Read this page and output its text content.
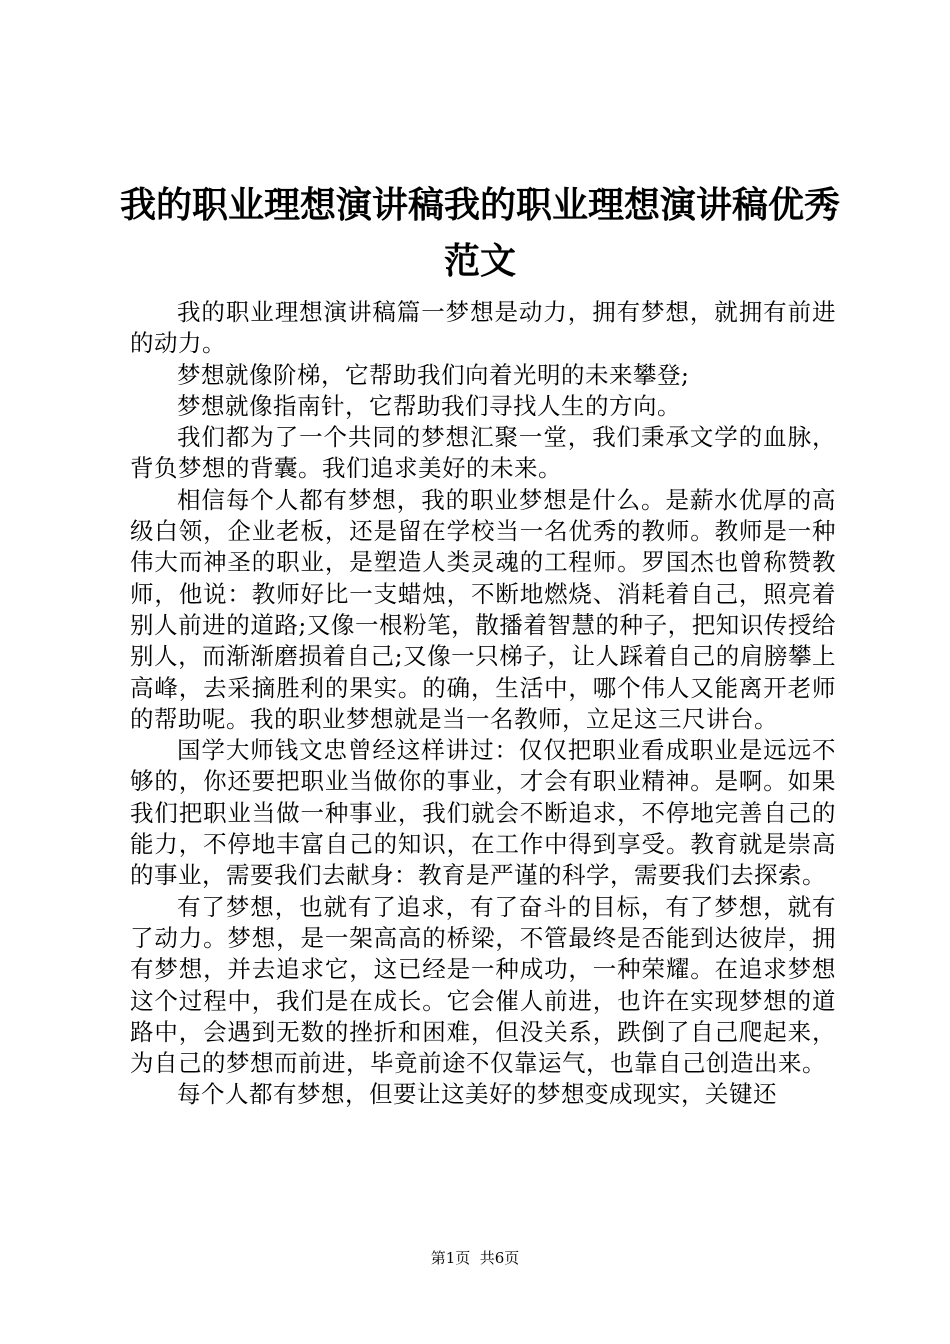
我的职业理想演讲稿我的职业理想演讲稿优秀范文

我的职业理想演讲稿篇一梦想是动力，拥有梦想，就拥有前进的动力。

梦想就像阶梯，它帮助我们向着光明的未来攀登;

梦想就像指南针，它帮助我们寻找人生的方向。

我们都为了一个共同的梦想汇聚一堂，我们秉承文学的血脉，背负梦想的背囊。我们追求美好的未来。

相信每个人都有梦想，我的职业梦想是什么。是薪水优厚的高级白领，企业老板，还是留在学校当一名优秀的教师。教师是一种伟大而神圣的职业，是塑造人类灵魂的工程师。罗国杰也曾称赞教师，他说：教师好比一支蜡烛，不断地燃烧、消耗着自己，照亮着别人前进的道路;又像一根粉笔，散播着智慧的种子，把知识传授给别人，而渐渐磨损着自己;又像一只梯子，让人踩着自己的肩膀攀上高峰，去采摘胜利的果实。的确，生活中，哪个伟人又能离开老师的帮助呢。我的职业梦想就是当一名教师，立足这三尺讲台。

国学大师钱文忠曾经这样讲过：仅仅把职业看成职业是远远不够的，你还要把职业当做你的事业，才会有职业精神。是啊。如果我们把职业当做一种事业，我们就会不断追求，不停地完善自己的能力，不停地丰富自己的知识，在工作中得到享受。教育就是崇高的事业，需要我们去献身：教育是严谨的科学，需要我们去探索。

有了梦想，也就有了追求，有了奋斗的目标，有了梦想，就有了动力。梦想，是一架高高的桥梁，不管最终是否能到达彼岸，拥有梦想，并去追求它，这已经是一种成功，一种荣耀。在追求梦想这个过程中，我们是在成长。它会催人前进，也许在实现梦想的道路中，会遇到无数的挫折和困难，但没关系，跌倒了自己爬起来，为自己的梦想而前进，毕竟前途不仅靠运气，也靠自己创造出来。

每个人都有梦想，但要让这美好的梦想变成现实，关键还

第1页  共6页
